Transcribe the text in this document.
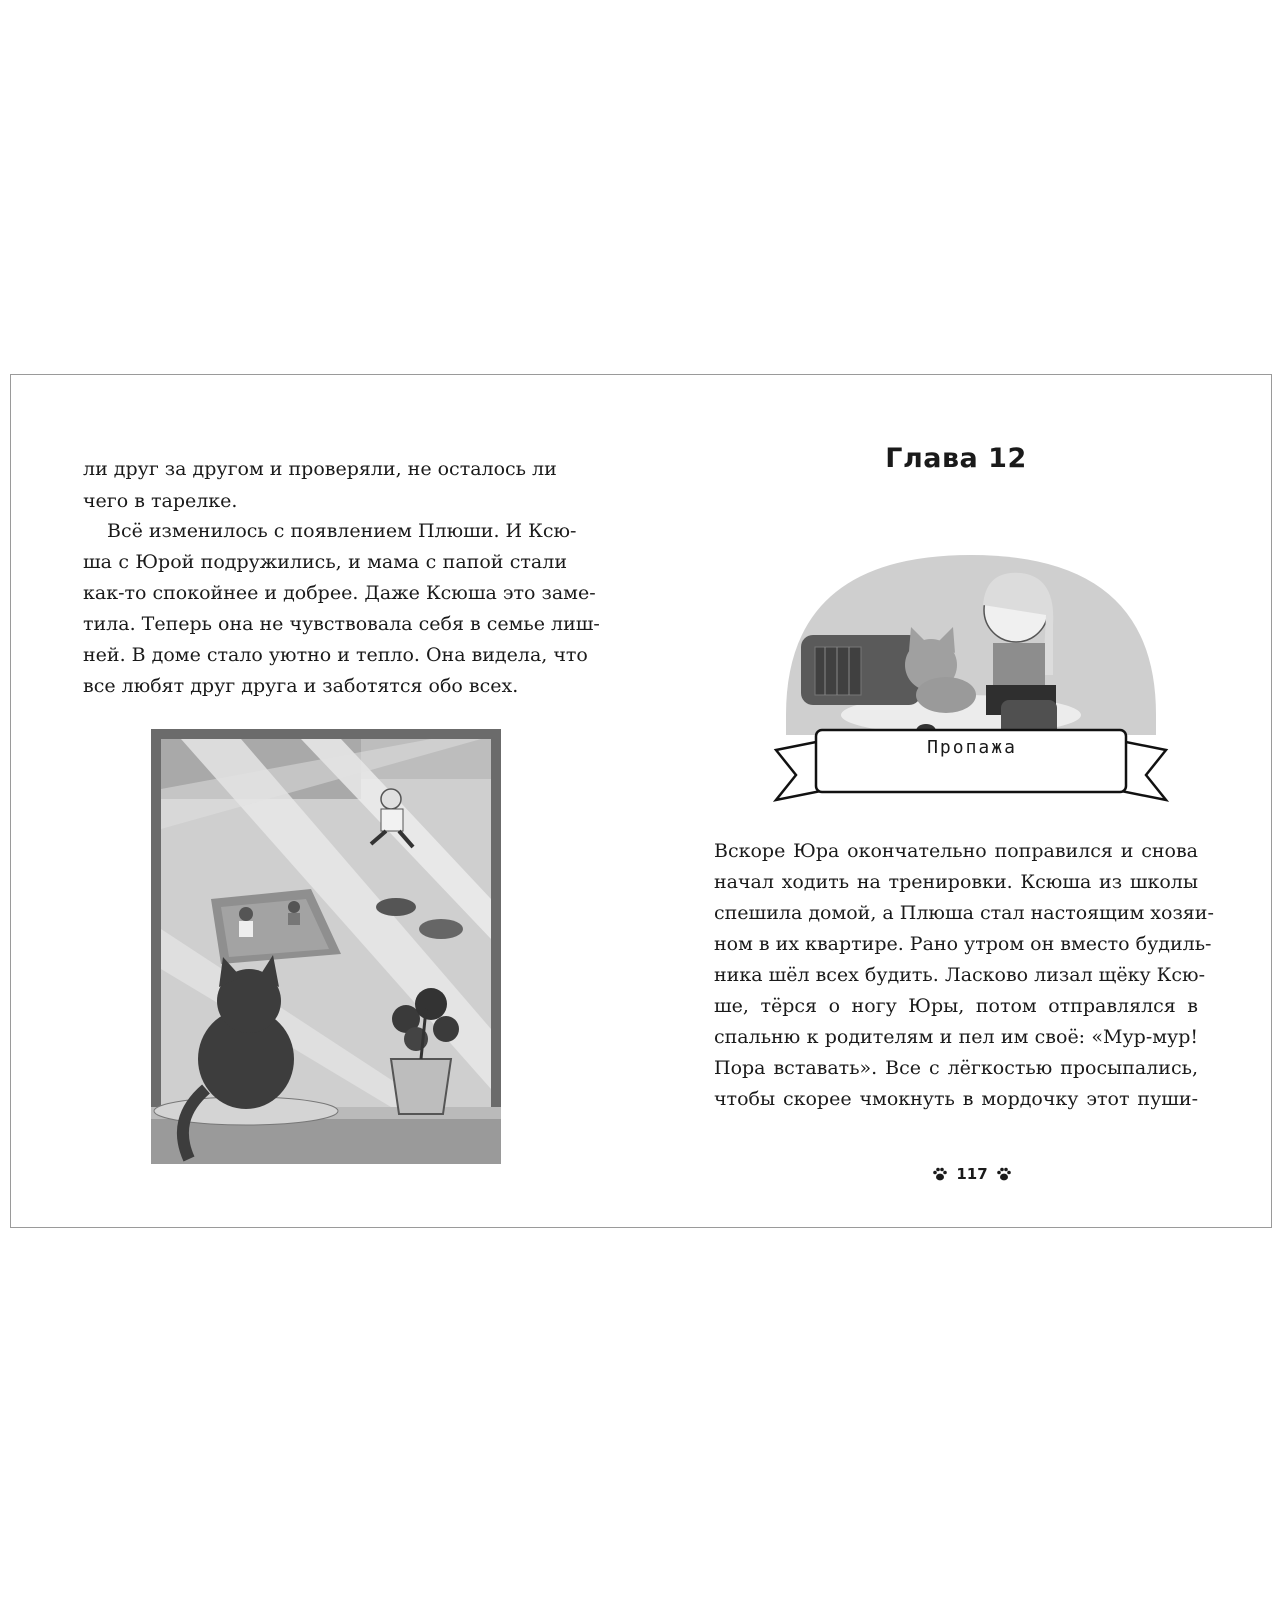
ли друг за другом и проверяли, не осталось ли
чего в тарелке.
Всё изменилось с появлением Плюши. И Ксю-
ша с Юрой подружились, и мама с папой стали
как-то спокойнее и добрее. Даже Ксюша это заме-
тила. Теперь она не чувствовала себя в семье лиш-
ней. В доме стало уютно и тепло. Она видела, что
все любят друг друга и заботятся обо всех.
Глава 12
Пропажа
Вскоре Юра окончательно поправился и снова
начал ходить на тренировки. Ксюша из школы
спешила домой, а Плюша стал настоящим хозяи-
ном в их квартире. Рано утром он вместо будиль-
ника шёл всех будить. Ласково лизал щёку Ксю-
ше, тёрся о ногу Юры, потом отправлялся в
спальню к родителям и пел им своё: «Мур-мур!
Пора вставать». Все с лёгкостью просыпались,
чтобы скорее чмокнуть в мордочку этот пуши-
117
